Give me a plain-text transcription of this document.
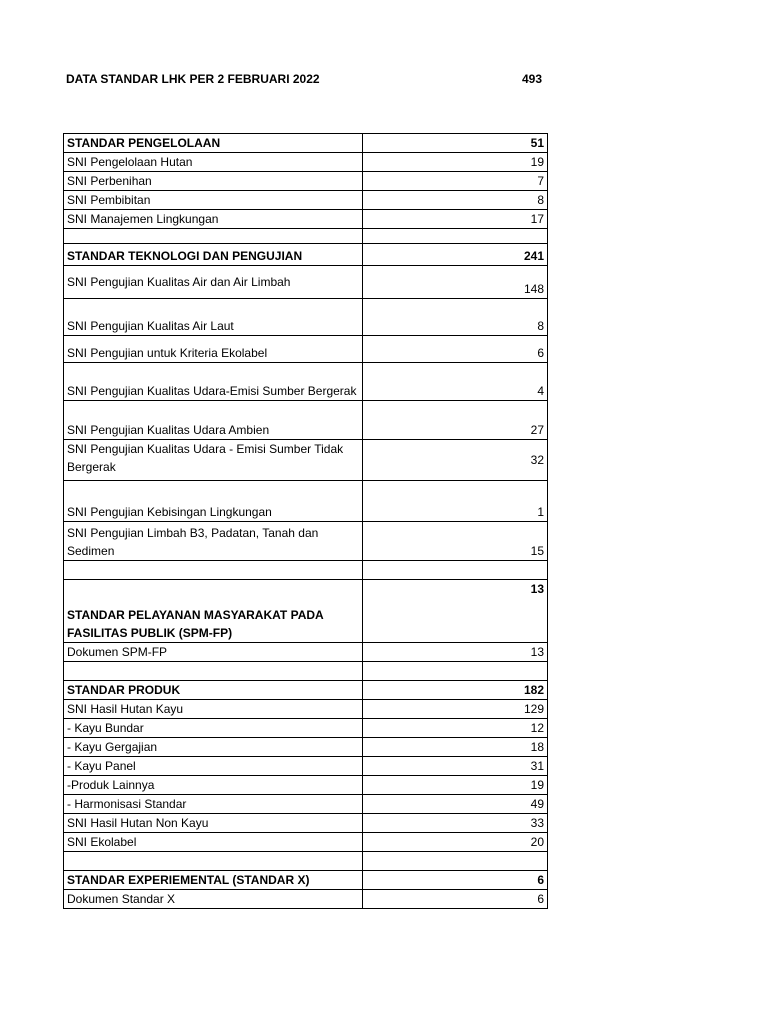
DATA STANDAR LHK PER 2 FEBRUARI 2022	493
STANDAR PENGELOLAAN	51
SNI Pengelolaan Hutan	19
SNI Perbenihan	7
SNI Pembibitan	8
SNI Manajemen Lingkungan	17

STANDAR TEKNOLOGI DAN PENGUJIAN	241
SNI Pengujian Kualitas Air dan Air Limbah	148
SNI Pengujian Kualitas Air Laut	8
SNI Pengujian untuk Kriteria Ekolabel	6
SNI Pengujian Kualitas Udara-Emisi Sumber Bergerak	4
SNI Pengujian Kualitas Udara Ambien	27
SNI Pengujian Kualitas Udara - Emisi Sumber Tidak Bergerak	32
SNI Pengujian Kebisingan Lingkungan	1
SNI Pengujian Limbah B3, Padatan, Tanah dan Sedimen	15

STANDAR PELAYANAN MASYARAKAT PADA FASILITAS PUBLIK (SPM-FP)	13
Dokumen SPM-FP	13

STANDAR PRODUK	182
SNI Hasil Hutan Kayu	129
- Kayu Bundar	12
- Kayu Gergajian	18
- Kayu Panel	31
-Produk Lainnya	19
- Harmonisasi Standar	49
SNI Hasil Hutan Non Kayu	33
SNI Ekolabel	20

STANDAR EXPERIEMENTAL (STANDAR X)	6
Dokumen Standar X	6
